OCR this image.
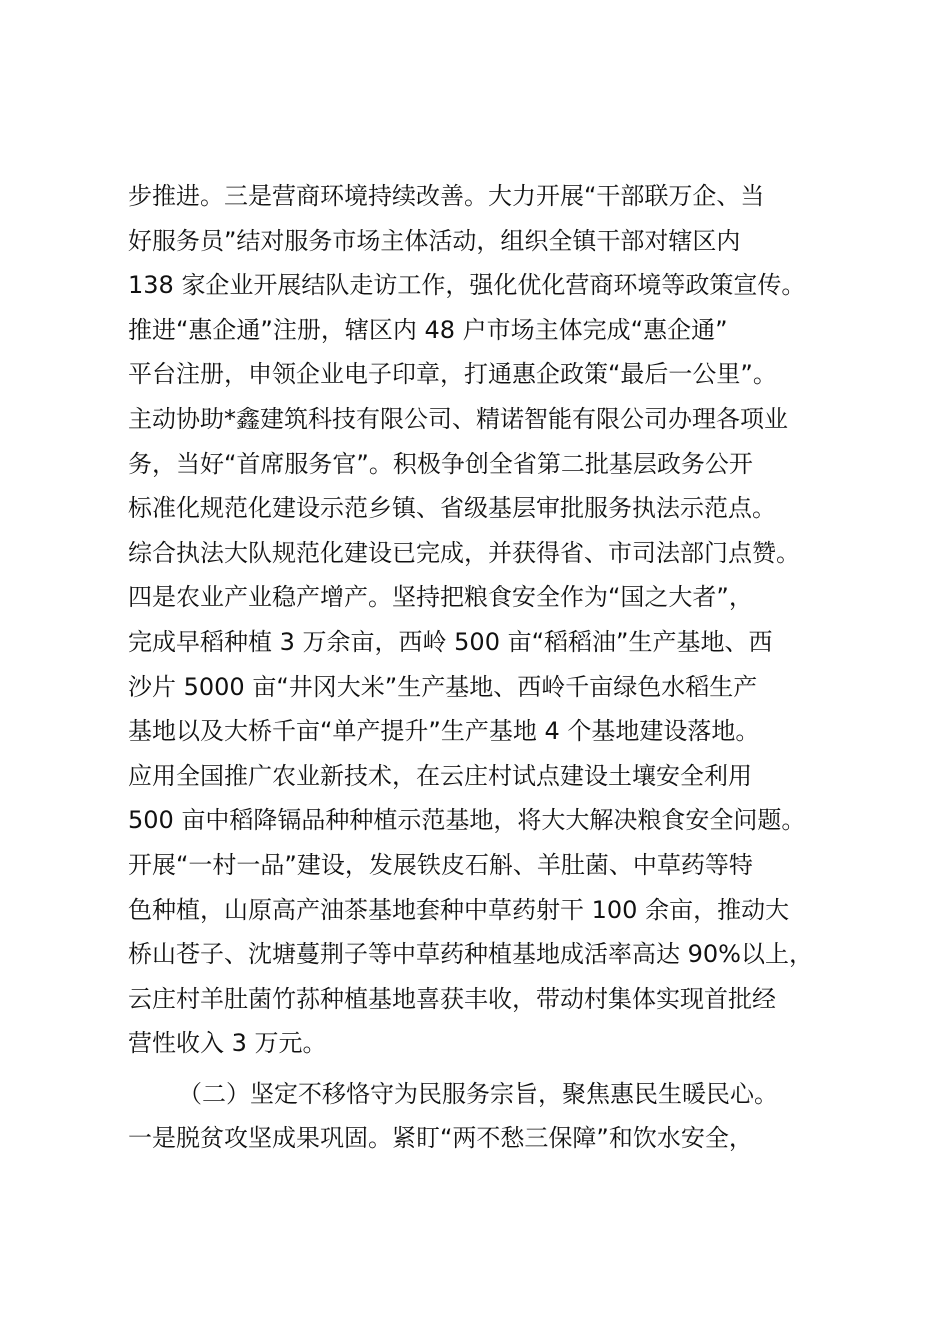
步推进。三是营商环境持续改善。大力开展“干部联万企、当
好服务员”结对服务市场主体活动，组织全镇干部对辖区内
138 家企业开展结队走访工作，强化优化营商环境等政策宣传。
推进“惠企通”注册，辖区内 48 户市场主体完成“惠企通”
平台注册，申领企业电子印章，打通惠企政策“最后一公里”。
主动协助*鑫建筑科技有限公司、精诺智能有限公司办理各项业
务，当好“首席服务官”。积极争创全省第二批基层政务公开
标准化规范化建设示范乡镇、省级基层审批服务执法示范点。
综合执法大队规范化建设已完成，并获得省、市司法部门点赞。
四是农业产业稳产增产。坚持把粮食安全作为“国之大者”，
完成早稻种植 3 万余亩，西岭 500 亩“稻稻油”生产基地、西
沙片 5000 亩“井冈大米”生产基地、西岭千亩绿色水稻生产
基地以及大桥千亩“单产提升”生产基地 4 个基地建设落地。
应用全国推广农业新技术，在云庄村试点建设土壤安全利用
500 亩中稻降镉品种种植示范基地，将大大解决粮食安全问题。
开展“一村一品”建设，发展铁皮石斛、羊肚菌、中草药等特
色种植，山原高产油茶基地套种中草药射干 100 余亩，推动大
桥山苍子、沈塘蔓荆子等中草药种植基地成活率高达 90%以上，
云庄村羊肚菌竹荪种植基地喜获丰收，带动村集体实现首批经
营性收入 3 万元。
（二）坚定不移恪守为民服务宗旨，聚焦惠民生暖民心。
一是脱贫攻坚成果巩固。紧盯“两不愁三保障”和饮水安全，
